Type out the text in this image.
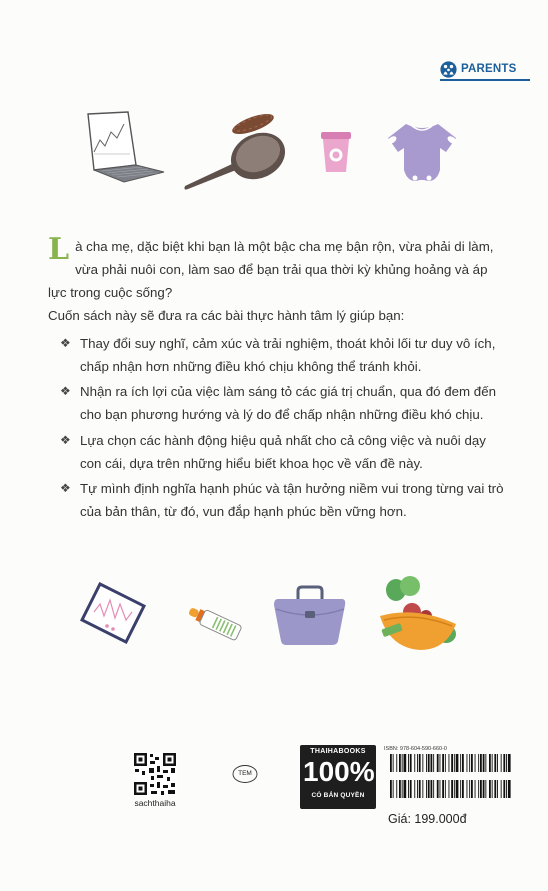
PARENTS
Là cha mẹ, dặc biệt khi bạn là một bậc cha mẹ bận rộn, vừa phải di làm, vừa phải nuôi con, làm sao để bạn trải qua thời kỳ khủng hoảng và áp lực trong cuộc sống?
Cuốn sách này sẽ đưa ra các bài thực hành tâm lý giúp bạn:
❖ Thay đổi suy nghĩ, cảm xúc và trải nghiệm, thoát khỏi lối tư duy vô ích, chấp nhận hơn những điều khó chịu không thể tránh khỏi.
❖ Nhận ra ích lợi của việc làm sáng tỏ các giá trị chuẩn, qua đó đem đến cho bạn phương hướng và lý do để chấp nhận những điều khó chịu.
❖ Lựa chọn các hành động hiệu quả nhất cho cả công việc và nuôi dạy con cái, dựa trên những hiểu biết khoa học về vấn đề này.
❖ Tự mình định nghĩa hạnh phúc và tận hưởng niềm vui trong từng vai trò của bản thân, từ đó, vun đắp hạnh phúc bền vững hơn.
sachthaiha
TEM
THAIHABOOKS
100%
CÓ BẢN QUYỀN
ISBN: 978-604-590-660-0
Giá: 199.000đ
